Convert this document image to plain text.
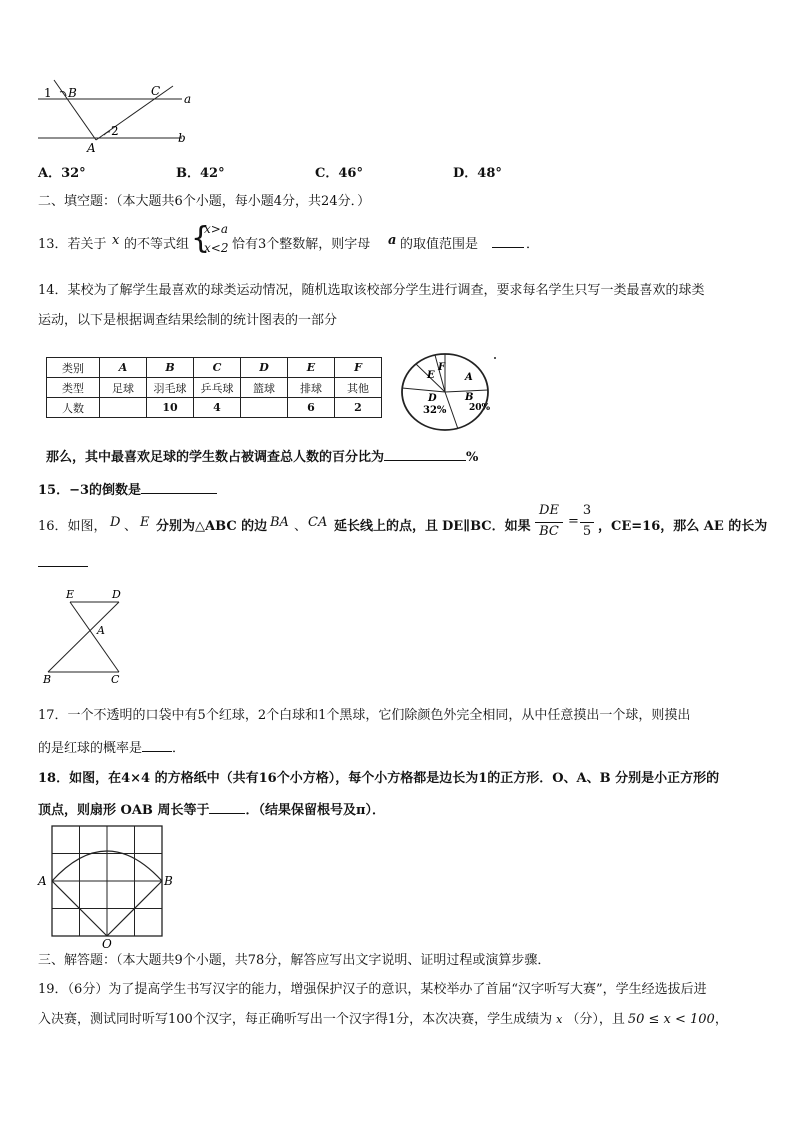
1 B	C
a
2
A
b
A．32°	B．42°	C．46°	D．48°
二、填空题：（本大题共6个小题，每小题4分，共24分．）
13．若关于 x 的不等式组 {
x>a
x<2 恰有3个整数解，则字母 a 的取值范围是	．
14．某校为了解学生最喜欢的球类运动情况，随机选取该校部分学生进行调查，要求每名学生只写一类最喜欢的球类
运动，以下是根据调查结果绘制的统计图表的一部分
类别	A	B	C	D	E	F
类型	足球	羽毛球	乒乓球	篮球	排球	其他
人数		10	4		6	2
F
E	A
D
32%
B
20%
那么，其中最喜欢足球的学生数占被调查总人数的百分比为	%
15．−3的倒数是
16．如图， D 、 E 分别为△ABC 的边 BA 、 CA 延长线上的点，且 DE∥BC．如果
DE
BC
=
3
5 ，CE=16，那么 AE 的长为
E	D
A
B	C
17．一个不透明的口袋中有5个红球，2个白球和1个黑球，它们除颜色外完全相同，从中任意摸出一个球，则摸出
的是红球的概率是 ．
18．如图，在4×4 的方格纸中（共有16个小方格），每个小方格都是边长为1的正方形．O、A、B 分别是小正方形的
顶点，则扇形 OAB 周长等于	．（结果保留根号及π）．
A	B
O
三、解答题：（本大题共9个小题，共78分，解答应写出文字说明、证明过程或演算步骤．
19．（6分）为了提高学生书写汉字的能力，增强保护汉子的意识，某校举办了首届“汉字听写大赛”，学生经选拔后进
入决赛，测试同时听写100个汉字，每正确听写出一个汉字得1分，本次决赛，学生成绩为 x （分），且 50 ≤ x < 100，
